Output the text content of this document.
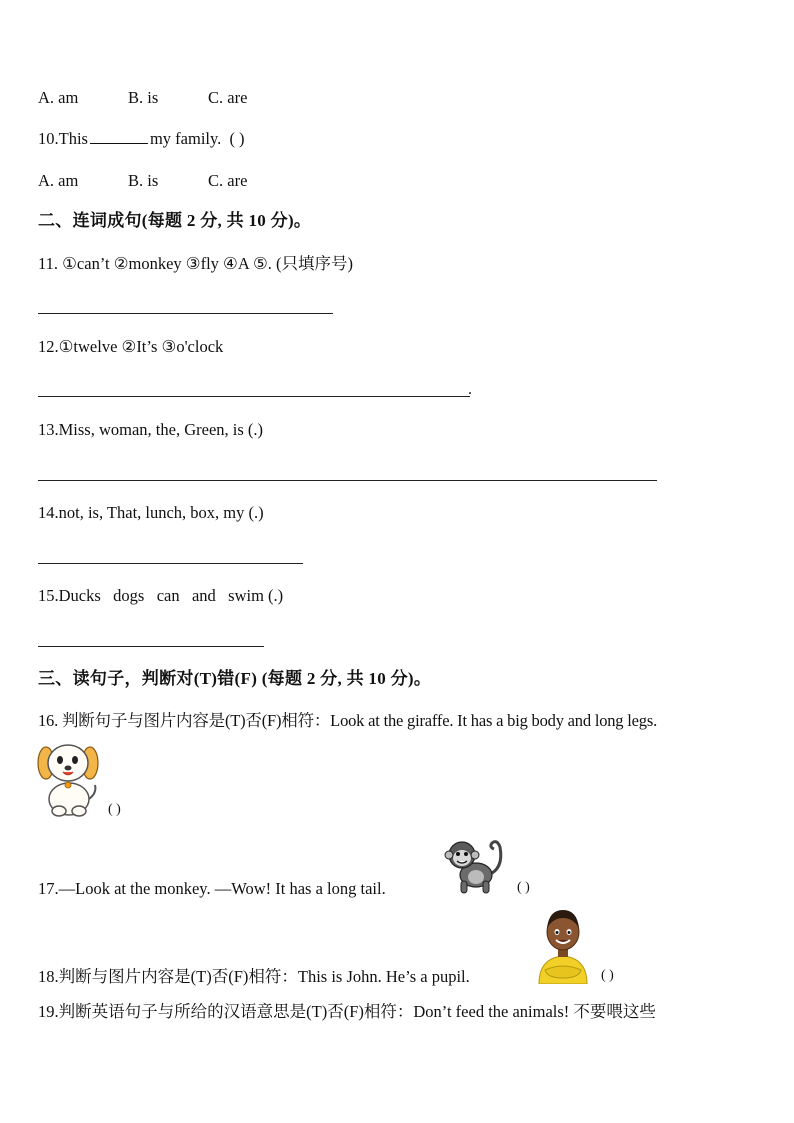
A. am	B. is	C. are
10.This	my family. ( )
A. am	B. is	C. are
二、连词成句(每题 2 分, 共 10 分)。
11. ①can’t ②monkey ③fly ④A ⑤. (只填序号)
12.①twelve ②It’s ③o'clock
.
13.Miss, woman, the, Green, is (.)
14.not, is, That, lunch, box, my (.)
15.Ducks   dogs   can   and   swim (.)
三、读句子，判断对(T)错(F) (每题 2 分, 共 10 分)。
16. 判断句子与图片内容是(T)否(F)相符：Look at the giraffe. It has a big body and long legs.
( )
17.—Look at the monkey. —Wow! It has a long tail.	( )
18.判断与图片内容是(T)否(F)相符：This is John. He’s a pupil.	( )
19.判断英语句子与所给的汉语意思是(T)否(F)相符：Don’t feed the animals! 不要喂这些
